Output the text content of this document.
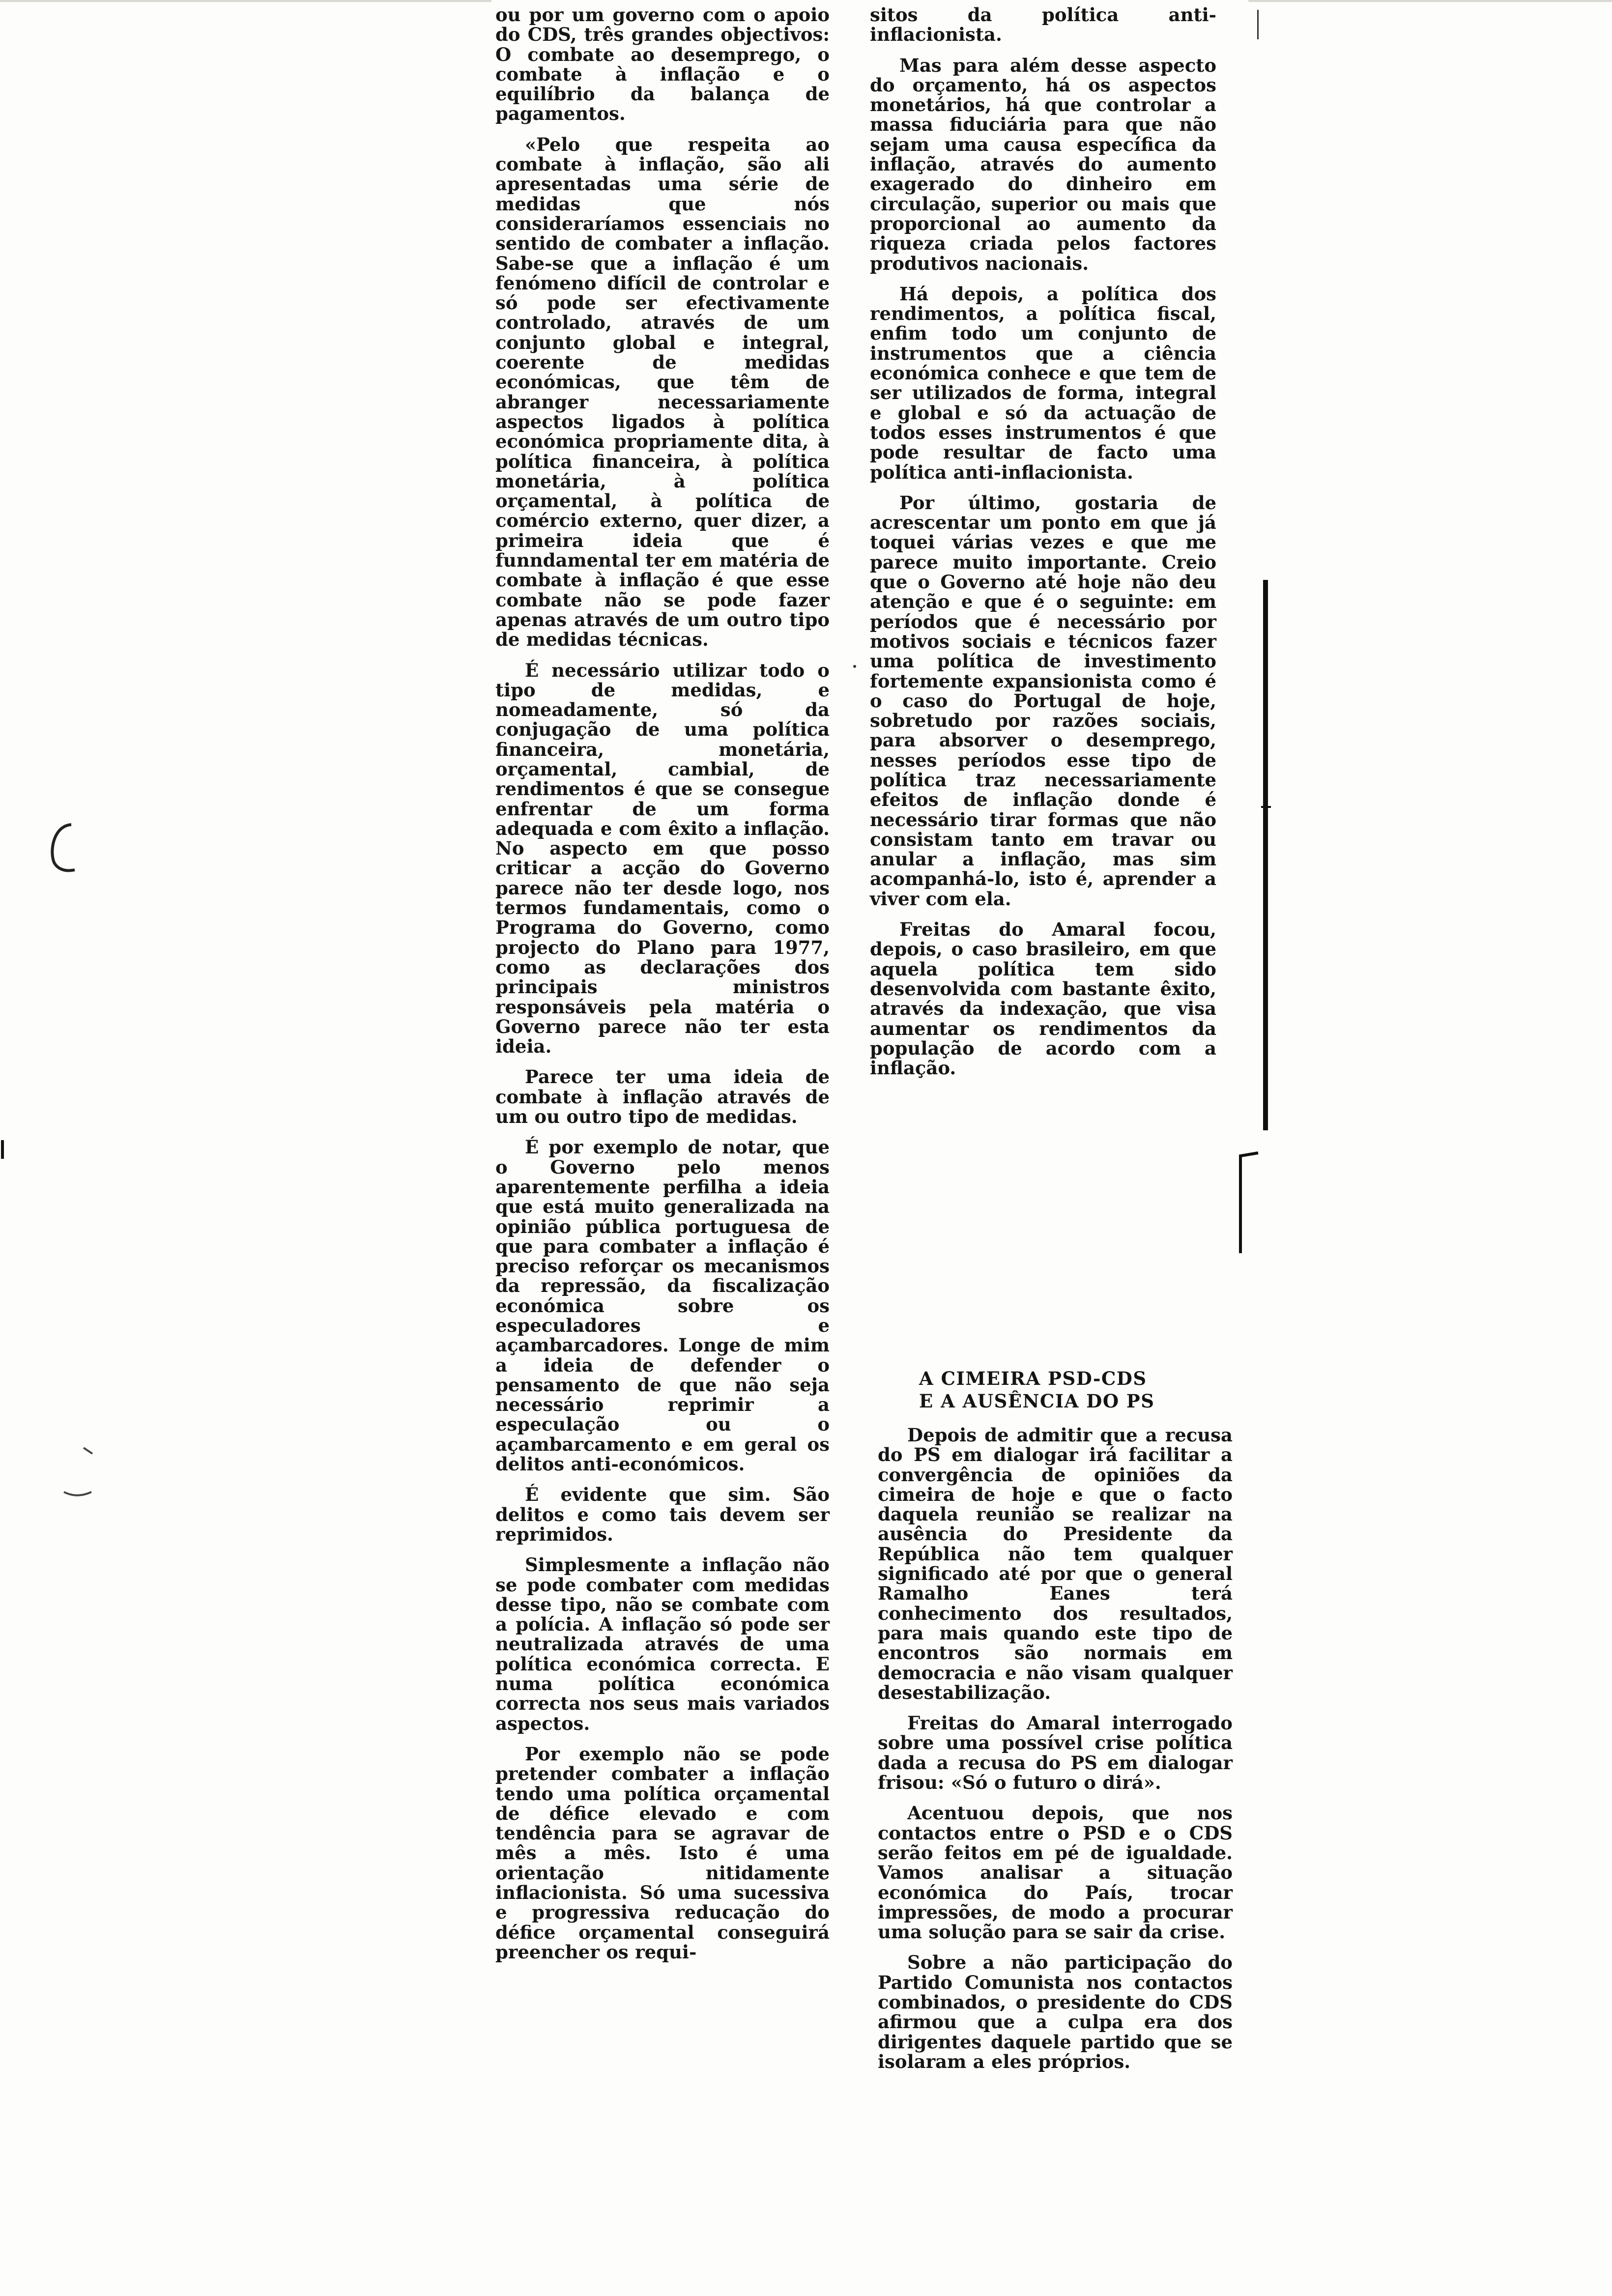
ou por um governo com o apoio do CDS, três grandes objectivos: O combate ao desemprego, o combate à inflação e o equilíbrio da balança de pagamentos.

«Pelo que respeita ao combate à inflação, são ali apresentadas uma série de medidas que nós consideraríamos essenciais no sentido de combater a inflação. Sabe-se que a inflação é um fenómeno difícil de controlar e só pode ser efectivamente controlado, através de um conjunto global e integral, coerente de medidas económicas, que têm de abranger necessariamente aspectos ligados à política económica propriamente dita, à política financeira, à política monetária, à política orçamental, à política de comércio externo, quer dizer, a primeira ideia que é funndamental ter em matéria de combate à inflação é que esse combate não se pode fazer apenas através de um outro tipo de medidas técnicas.

É necessário utilizar todo o tipo de medidas, e nomeadamente, só da conjugação de uma política financeira, monetária, orçamental, cambial, de rendimentos é que se consegue enfrentar de um forma adequada e com êxito a inflação. No aspecto em que posso criticar a acção do Governo parece não ter desde logo, nos termos fundamentais, como o Programa do Governo, como projecto do Plano para 1977, como as declarações dos principais ministros responsáveis pela matéria o Governo parece não ter esta ideia.

Parece ter uma ideia de combate à inflação através de um ou outro tipo de medidas.

É por exemplo de notar, que o Governo pelo menos aparentemente perfilha a ideia que está muito generalizada na opinião pública portuguesa de que para combater a inflação é preciso reforçar os mecanismos da repressão, da fiscalização económica sobre os especuladores e açambarcadores. Longe de mim a ideia de defender o pensamento de que não seja necessário reprimir a especulação ou o açambarcamento e em geral os delitos anti-económicos.

É evidente que sim. São delitos e como tais devem ser reprimidos.

Simplesmente a inflação não se pode combater com medidas desse tipo, não se combate com a polícia. A inflação só pode ser neutralizada através de uma política económica correcta. E numa política económica correcta nos seus mais variados aspectos.

Por exemplo não se pode pretender combater a inflação tendo uma política orçamental de défice elevado e com tendência para se agravar de mês a mês. Isto é uma orientação nitidamente inflacionista. Só uma sucessiva e progressiva reducação do défice orçamental conseguirá preencher os requi-

sitos da política anti-inflacionista.

Mas para além desse aspecto do orçamento, há os aspectos monetários, há que controlar a massa fiduciária para que não sejam uma causa específica da inflação, através do aumento exagerado do dinheiro em circulação, superior ou mais que proporcional ao aumento da riqueza criada pelos factores produtivos nacionais.

Há depois, a política dos rendimentos, a política fiscal, enfim todo um conjunto de instrumentos que a ciência económica conhece e que tem de ser utilizados de forma, integral e global e só da actuação de todos esses instrumentos é que pode resultar de facto uma política anti-inflacionista.

Por último, gostaria de acrescentar um ponto em que já toquei várias vezes e que me parece muito importante. Creio que o Governo até hoje não deu atenção e que é o seguinte: em períodos que é necessário por motivos sociais e técnicos fazer uma política de investimento fortemente expansionista como é o caso do Portugal de hoje, sobretudo por razões sociais, para absorver o desemprego, nesses períodos esse tipo de política traz necessariamente efeitos de inflação donde é necessário tirar formas que não consistam tanto em travar ou anular a inflação, mas sim acompanhá-lo, isto é, aprender a viver com ela.

Freitas do Amaral focou, depois, o caso brasileiro, em que aquela política tem sido desenvolvida com bastante êxito, através da indexação, que visa aumentar os rendimentos da população de acordo com a inflação.

A CIMEIRA PSD-CDS
E A AUSÊNCIA DO PS

Depois de admitir que a recusa do PS em dialogar irá facilitar a convergência de opiniões da cimeira de hoje e que o facto daquela reunião se realizar na ausência do Presidente da República não tem qualquer significado até por que o general Ramalho Eanes terá conhecimento dos resultados, para mais quando este tipo de encontros são normais em democracia e não visam qualquer desestabilização.

Freitas do Amaral interrogado sobre uma possível crise política dada a recusa do PS em dialogar frisou: «Só o futuro o dirá».

Acentuou depois, que nos contactos entre o PSD e o CDS serão feitos em pé de igualdade. Vamos analisar a situação económica do País, trocar impressões, de modo a procurar uma solução para se sair da crise.

Sobre a não participação do Partido Comunista nos contactos combinados, o presidente do CDS afirmou que a culpa era dos dirigentes daquele partido que se isolaram a eles próprios.
